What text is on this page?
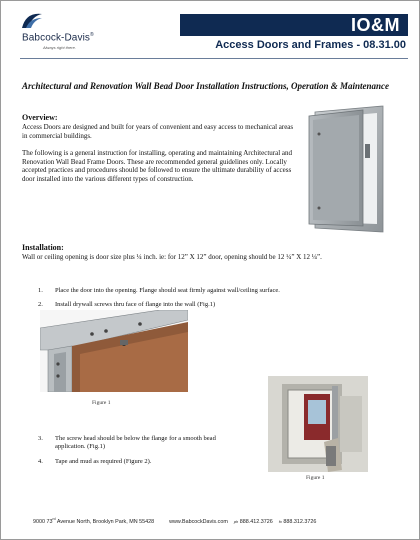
Babcock-Davis®
Always right there.
IO&M
Access Doors and Frames - 08.31.00
Architectural and Renovation Wall Bead Door Installation Instructions, Operation & Maintenance
Overview:
Access Doors are designed and built for years of convenient and easy access to mechanical areas in commercial buildings.
The following is a general instruction for installing, operating and maintaining Architectural and Renovation Wall Bead Frame Doors. These are recommended general guidelines only. Locally accepted practices and procedures should be followed to ensure the ultimate durability of access door installed into the various different types of construction.
Installation:
Wall or ceiling opening is door size plus ¼ inch. ie: for 12” X 12” door, opening should be 12 ¼” X 12 ¼”.
1. Place the door into the opening. Flange should seat firmly against wall/ceiling surface.
2. Install drywall screws thru face of flange into the wall (Fig.1)
Figure 1
Figure 1
3. The screw head should be below the flange for a smooth bead application. (Fig.1)
4. Tape and mud as required (Figure 2).
9000 73rd Avenue North, Brooklyn Park, MN 55428	www.BabcockDavis.com ph 888.412.3726 fx 888.312.3726
